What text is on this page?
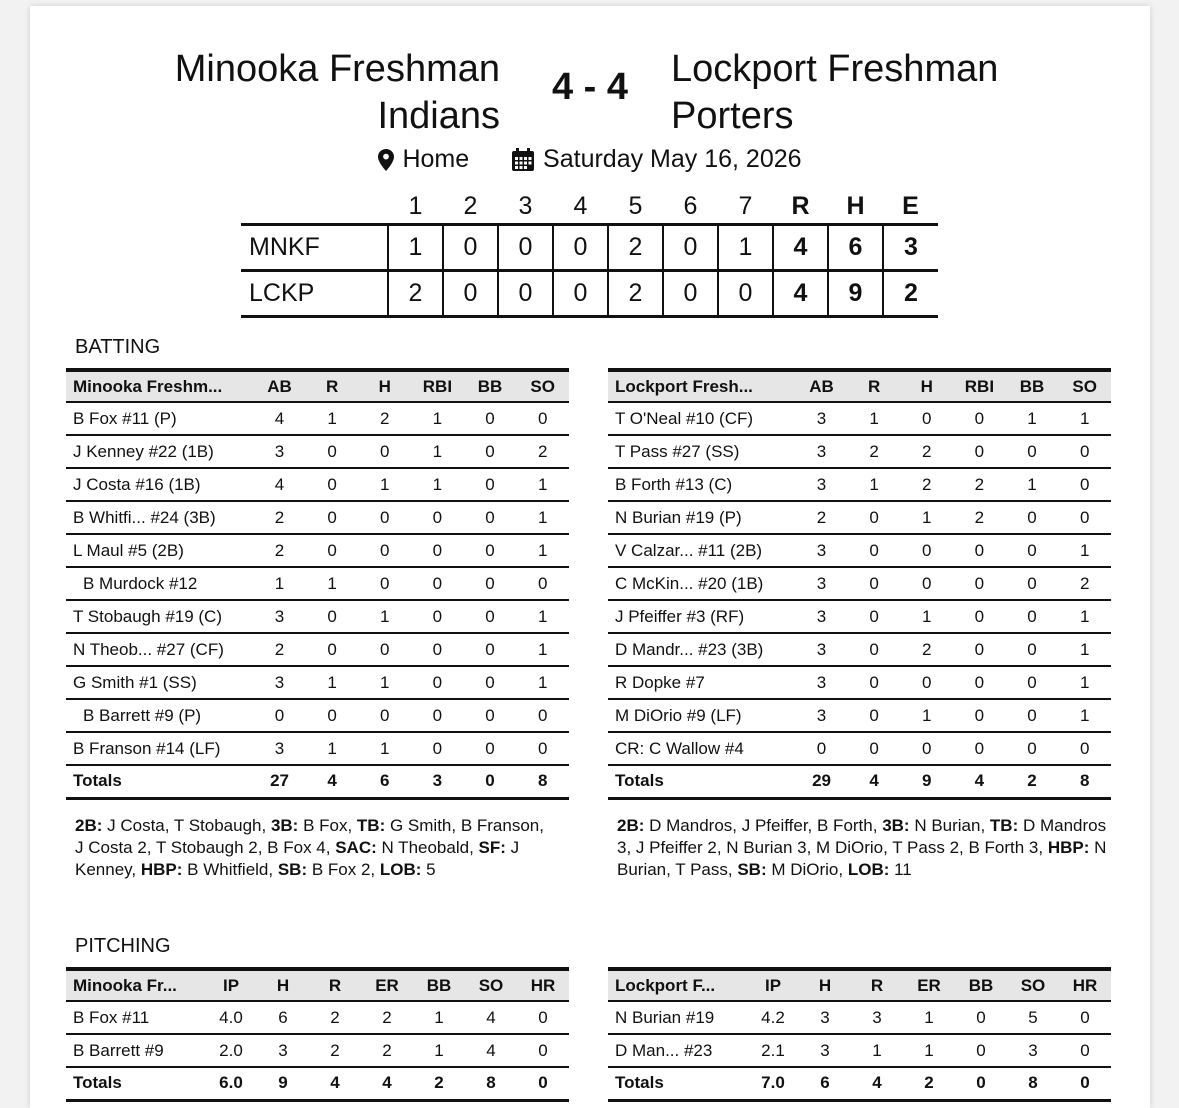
Minooka Freshman
Indians
4 - 4	Lockport Freshman
Porters
Home	Saturday May 16, 2026
	1	2	3	4	5	6	7	R	H	E
MNKF	1	0	0	0	2	0	1	4	6	3
LCKP	2	0	0	0	2	0	0	4	9	2
BATTING
Minooka Freshm...	AB	R	H	RBI	BB	SO
B Fox #11 (P)	4	1	2	1	0	0
J Kenney #22 (1B)	3	0	0	1	0	2
J Costa #16 (1B)	4	0	1	1	0	1
B Whitfi... #24 (3B)	2	0	0	0	0	1
L Maul #5 (2B)	2	0	0	0	0	1
B Murdock #12	1	1	0	0	0	0
T Stobaugh #19 (C)	3	0	1	0	0	1
N Theob... #27 (CF)	2	0	0	0	0	1
G Smith #1 (SS)	3	1	1	0	0	1
B Barrett #9 (P)	0	0	0	0	0	0
B Franson #14 (LF)	3	1	1	0	0	0
Totals	27	4	6	3	0	8
Lockport Fresh...	AB	R	H	RBI	BB	SO
T O'Neal #10 (CF)	3	1	0	0	1	1
T Pass #27 (SS)	3	2	2	0	0	0
B Forth #13 (C)	3	1	2	2	1	0
N Burian #19 (P)	2	0	1	2	0	0
V Calzar... #11 (2B)	3	0	0	0	0	1
C McKin... #20 (1B)	3	0	0	0	0	2
J Pfeiffer #3 (RF)	3	0	1	0	0	1
D Mandr... #23 (3B)	3	0	2	0	0	1
R Dopke #7	3	0	0	0	0	1
M DiOrio #9 (LF)	3	0	1	0	0	1
CR: C Wallow #4	0	0	0	0	0	0
Totals	29	4	9	4	2	8
2B: J Costa, T Stobaugh, 3B: B Fox, TB: G Smith, B Franson, J Costa 2, T Stobaugh 2, B Fox 4, SAC: N Theobald, SF: J Kenney, HBP: B Whitfield, SB: B Fox 2, LOB: 5
2B: D Mandros, J Pfeiffer, B Forth, 3B: N Burian, TB: D Mandros 3, J Pfeiffer 2, N Burian 3, M DiOrio, T Pass 2, B Forth 3, HBP: N Burian, T Pass, SB: M DiOrio, LOB: 11
PITCHING
Minooka Fr...	IP	H	R	ER	BB	SO	HR
B Fox #11	4.0	6	2	2	1	4	0
B Barrett #9	2.0	3	2	2	1	4	0
Totals	6.0	9	4	4	2	8	0
Lockport F...	IP	H	R	ER	BB	SO	HR
N Burian #19	4.2	3	3	1	0	5	0
D Man... #23	2.1	3	1	1	0	3	0
Totals	7.0	6	4	2	0	8	0
